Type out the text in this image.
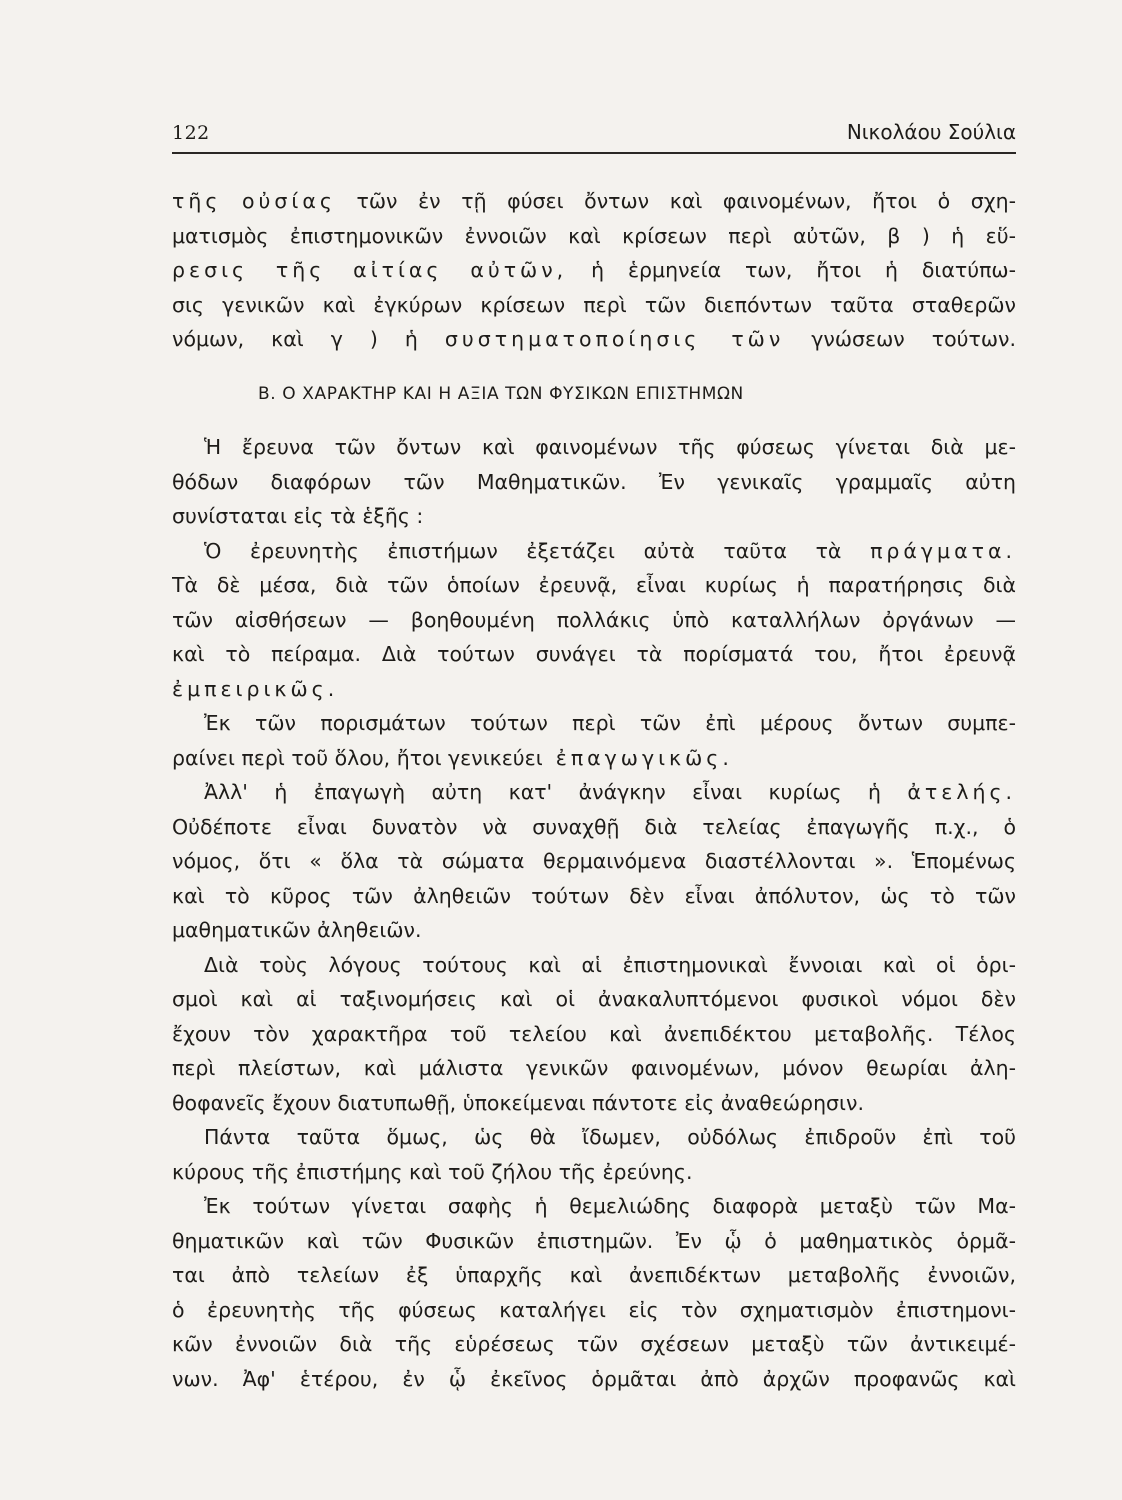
122	Νικολάου Σούλια
τῆς οὐσίας τῶν ἐν τῇ φύσει ὄντων καὶ φαινομένων, ἤτοι ὁ σχη-
ματισμὸς ἐπιστημονικῶν ἐννοιῶν καὶ κρίσεων περὶ αὐτῶν, β ) ἡ εὕ-
ρεσις τῆς αἰτίας αὐτῶν, ἡ ἑρμηνεία των, ἤτοι ἡ διατύπω-
σις γενικῶν καὶ ἐγκύρων κρίσεων περὶ τῶν διεπόντων ταῦτα σταθερῶν
νόμων, καὶ γ ) ἡ συστηματοποίησις τῶν γνώσεων τούτων.
Β. Ο ΧΑΡΑΚΤΗΡ ΚΑΙ Η ΑΞΙΑ ΤΩΝ ΦΥΣΙΚΩΝ ΕΠΙΣΤΗΜΩΝ
Ἡ ἔρευνα τῶν ὄντων καὶ φαινομένων τῆς φύσεως γίνεται διὰ με-
θόδων διαφόρων τῶν Μαθηματικῶν. Ἐν γενικαῖς γραμμαῖς αὐτη
συνίσταται εἰς τὰ ἑξῆς :
Ὁ ἐρευνητὴς ἐπιστήμων ἐξετάζει αὐτὰ ταῦτα τὰ πράγματα.
Τὰ δὲ μέσα, διὰ τῶν ὁποίων ἐρευνᾷ, εἶναι κυρίως ἡ παρατήρησις διὰ
τῶν αἰσθήσεων — βοηθουμένη πολλάκις ὑπὸ καταλλήλων ὀργάνων —
καὶ τὸ πείραμα. Διὰ τούτων συνάγει τὰ πορίσματά του, ἤτοι ἐρευνᾷ
ἐμπειρικῶς.
Ἐκ τῶν πορισμάτων τούτων περὶ τῶν ἐπὶ μέρους ὄντων συμπε-
ραίνει περὶ τοῦ ὅλου, ἤτοι γενικεύει ἐπαγωγικῶς.
Ἀλλ' ἡ ἐπαγωγὴ αὐτη κατ' ἀνάγκην εἶναι κυρίως ἡ ἀτελής.
Οὐδέποτε εἶναι δυνατὸν νὰ συναχθῇ διὰ τελείας ἐπαγωγῆς π.χ., ὁ
νόμος, ὅτι « ὅλα τὰ σώματα θερμαινόμενα διαστέλλονται ». Ἑπομένως
καὶ τὸ κῦρος τῶν ἀληθειῶν τούτων δὲν εἶναι ἀπόλυτον, ὡς τὸ τῶν
μαθηματικῶν ἀληθειῶν.
Διὰ τοὺς λόγους τούτους καὶ αἱ ἐπιστημονικαὶ ἔννοιαι καὶ οἱ ὁρι-
σμοὶ καὶ αἱ ταξινομήσεις καὶ οἱ ἀνακαλυπτόμενοι φυσικοὶ νόμοι δὲν
ἔχουν τὸν χαρακτῆρα τοῦ τελείου καὶ ἀνεπιδέκτου μεταβολῆς. Τέλος
περὶ πλείστων, καὶ μάλιστα γενικῶν φαινομένων, μόνον θεωρίαι ἀλη-
θοφανεῖς ἔχουν διατυπωθῇ, ὑποκείμεναι πάντοτε εἰς ἀναθεώρησιν.
Πάντα ταῦτα ὅμως, ὡς θὰ ἴδωμεν, οὐδόλως ἐπιδροῦν ἐπὶ τοῦ
κύρους τῆς ἐπιστήμης καὶ τοῦ ζήλου τῆς ἐρεύνης.
Ἐκ τούτων γίνεται σαφὴς ἡ θεμελιώδης διαφορὰ μεταξὺ τῶν Μα-
θηματικῶν καὶ τῶν Φυσικῶν ἐπιστημῶν. Ἐν ᾧ ὁ μαθηματικὸς ὁρμᾶ-
ται ἀπὸ τελείων ἐξ ὑπαρχῆς καὶ ἀνεπιδέκτων μεταβολῆς ἐννοιῶν,
ὁ ἐρευνητὴς τῆς φύσεως καταλήγει εἰς τὸν σχηματισμὸν ἐπιστημονι-
κῶν ἐννοιῶν διὰ τῆς εὑρέσεως τῶν σχέσεων μεταξὺ τῶν ἀντικειμέ-
νων. Ἀφ' ἑτέρου, ἐν ᾧ ἐκεῖνος ὁρμᾶται ἀπὸ ἀρχῶν προφανῶς καὶ
